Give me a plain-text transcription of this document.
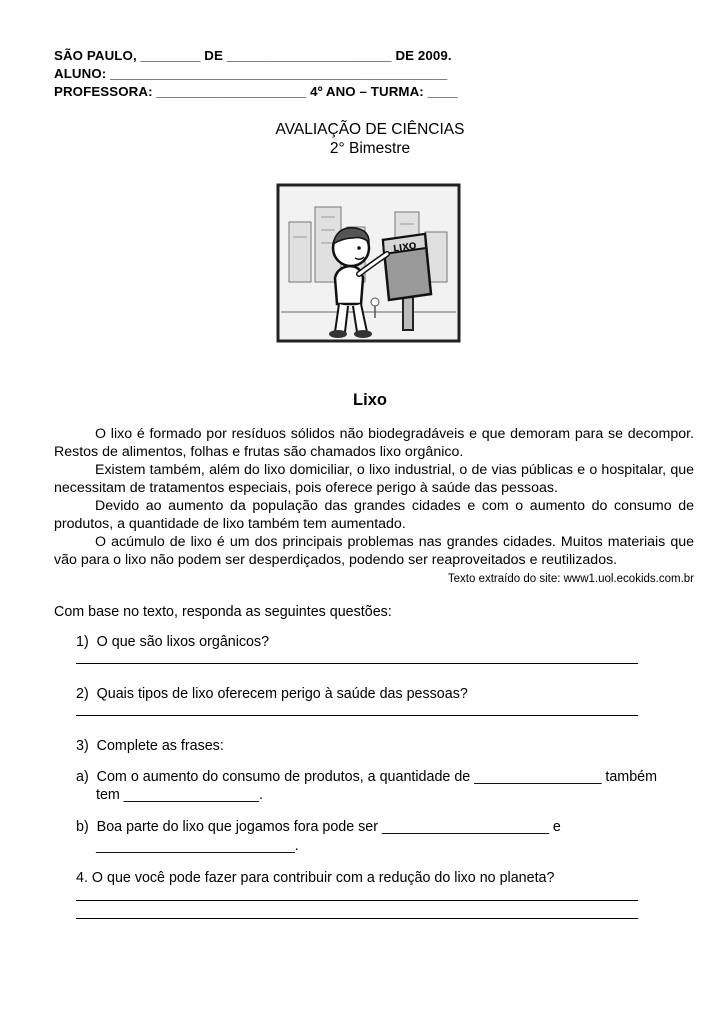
SÃO PAULO, ________ DE ______________________ DE 2009.
ALUNO: _____________________________________________
PROFESSORA: ____________________ 4º ANO – TURMA: ____
AVALIAÇÃO DE CIÊNCIAS
2° Bimestre
LIXO
Lixo

O lixo é formado por resíduos sólidos não biodegradáveis e que demoram para se decompor. Restos de alimentos, folhas e frutas são chamados lixo orgânico.

Existem também, além do lixo domiciliar, o lixo industrial, o de vias públicas e o hospitalar, que necessitam de tratamentos especiais, pois oferece perigo à saúde das pessoas.

Devido ao aumento da população das grandes cidades e com o aumento do consumo de produtos, a quantidade de lixo também tem aumentado.

O acúmulo de lixo é um dos principais problemas nas grandes cidades. Muitos materiais que vão para o lixo não podem ser desperdiçados, podendo ser reaproveitados e reutilizados.

Texto extraído do site: www1.uol.ecokids.com.br
Com base no texto, responda as seguintes questões:
1)  O que são lixos orgânicos?
2)  Quais tipos de lixo oferecem perigo à saúde das pessoas?
3)  Complete as frases:
a)  Com o aumento do consumo de produtos, a quantidade de ________________ também
tem _________________.
b)  Boa parte do lixo que jogamos fora pode ser _____________________ e
_________________________.
4. O que você pode fazer para contribuir com a redução do lixo no planeta?
